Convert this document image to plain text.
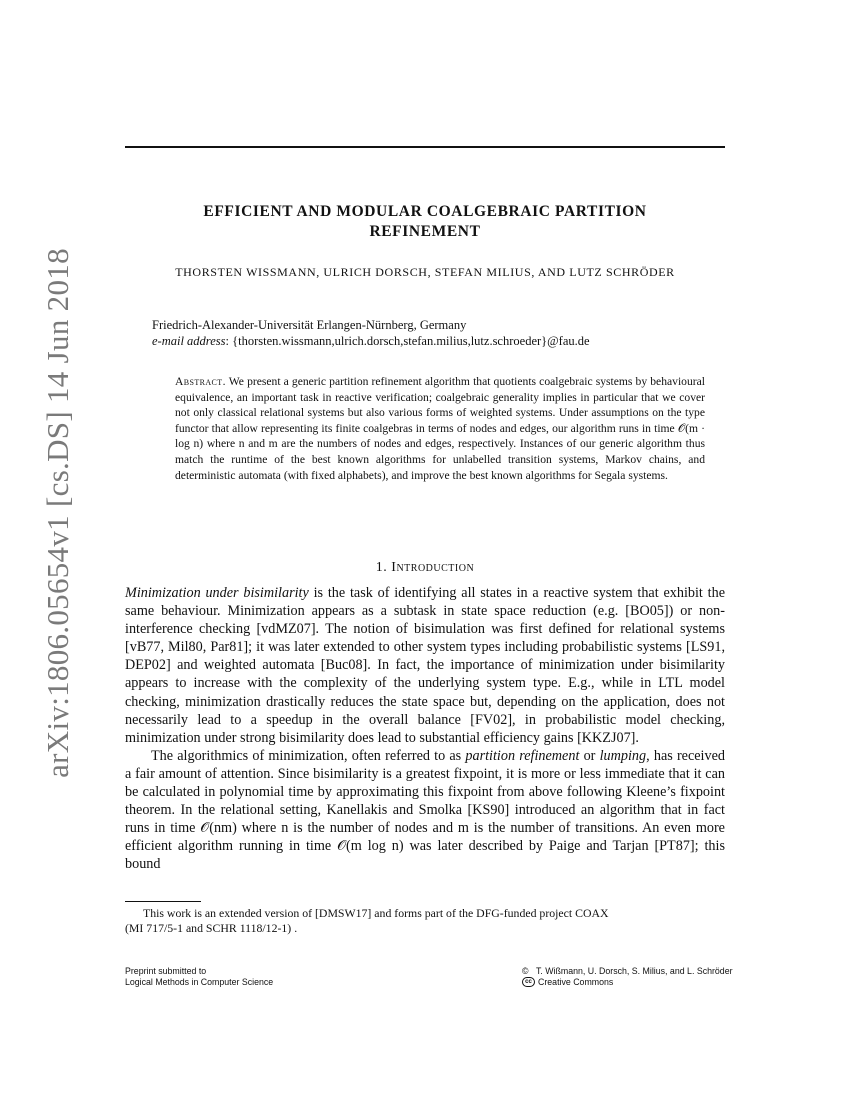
arXiv:1806.05654v1 [cs.DS] 14 Jun 2018
EFFICIENT AND MODULAR COALGEBRAIC PARTITION
REFINEMENT
THORSTEN WISSMANN, ULRICH DORSCH, STEFAN MILIUS, AND LUTZ SCHRÖDER
Friedrich-Alexander-Universität Erlangen-Nürnberg, Germany
e-mail address: {thorsten.wissmann,ulrich.dorsch,stefan.milius,lutz.schroeder}@fau.de
Abstract. We present a generic partition refinement algorithm that quotients coalgebraic systems by behavioural equivalence, an important task in reactive verification; coalgebraic generality implies in particular that we cover not only classical relational systems but also various forms of weighted systems. Under assumptions on the type functor that allow representing its finite coalgebras in terms of nodes and edges, our algorithm runs in time 𝒪(m · log n) where n and m are the numbers of nodes and edges, respectively. Instances of our generic algorithm thus match the runtime of the best known algorithms for unlabelled transition systems, Markov chains, and deterministic automata (with fixed alphabets), and improve the best known algorithms for Segala systems.
1. Introduction

Minimization under bisimilarity is the task of identifying all states in a reactive system that exhibit the same behaviour. Minimization appears as a subtask in state space reduction (e.g. [BO05]) or non-interference checking [vdMZ07]. The notion of bisimulation was first defined for relational systems [vB77, Mil80, Par81]; it was later extended to other system types including probabilistic systems [LS91, DEP02] and weighted automata [Buc08]. In fact, the importance of minimization under bisimilarity appears to increase with the complexity of the underlying system type. E.g., while in LTL model checking, minimization drastically reduces the state space but, depending on the application, does not necessarily lead to a speedup in the overall balance [FV02], in probabilistic model checking, minimization under strong bisimilarity does lead to substantial efficiency gains [KKZJ07].

The algorithmics of minimization, often referred to as partition refinement or lumping, has received a fair amount of attention. Since bisimilarity is a greatest fixpoint, it is more or less immediate that it can be calculated in polynomial time by approximating this fixpoint from above following Kleene’s fixpoint theorem. In the relational setting, Kanellakis and Smolka [KS90] introduced an algorithm that in fact runs in time 𝒪(nm) where n is the number of nodes and m is the number of transitions. An even more efficient algorithm running in time 𝒪(m log n) was later described by Paige and Tarjan [PT87]; this bound

This work is an extended version of [DMSW17] and forms part of the DFG-funded project COAX
(MI 717/5-1 and SCHR 1118/12-1) .
Preprint submitted to
Logical Methods in Computer Science
© T. Wißmann, U. Dorsch, S. Milius, and L. Schröder
cc Creative Commons
